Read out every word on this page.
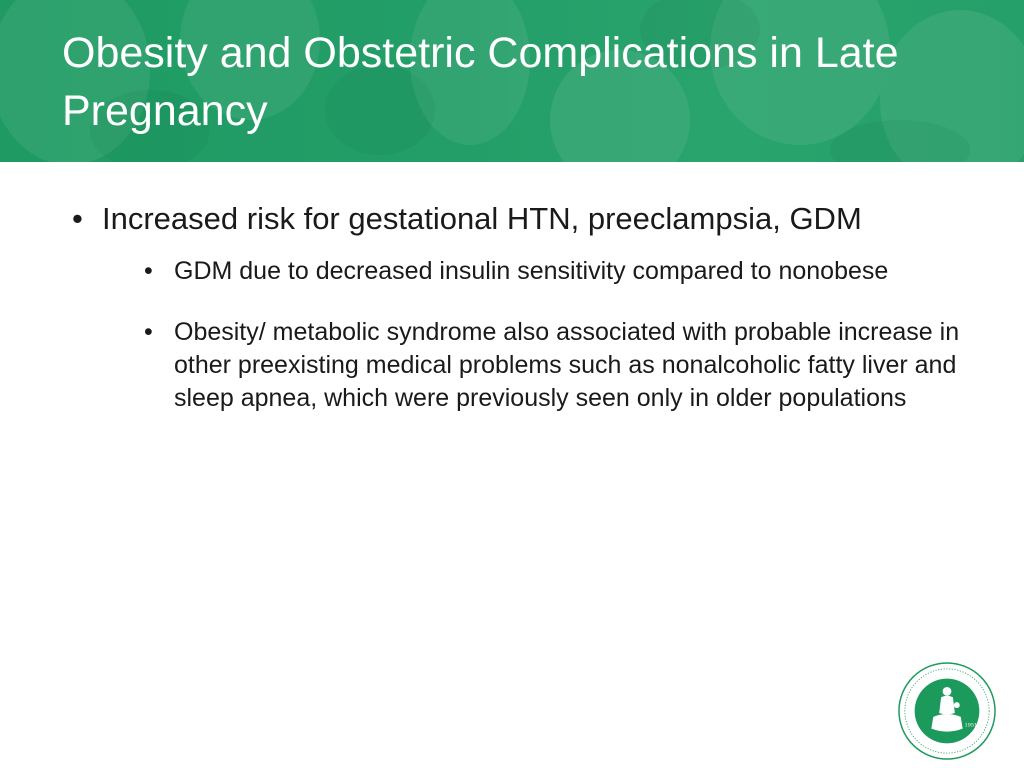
Obesity and Obstetric Complications in Late Pregnancy
• Increased risk for gestational HTN, preeclampsia, GDM
• GDM due to decreased insulin sensitivity compared to nonobese
• Obesity/ metabolic syndrome also associated with probable increase in other preexisting medical problems such as nonalcoholic fatty liver and sleep apnea, which were previously seen only in older populations
1951
